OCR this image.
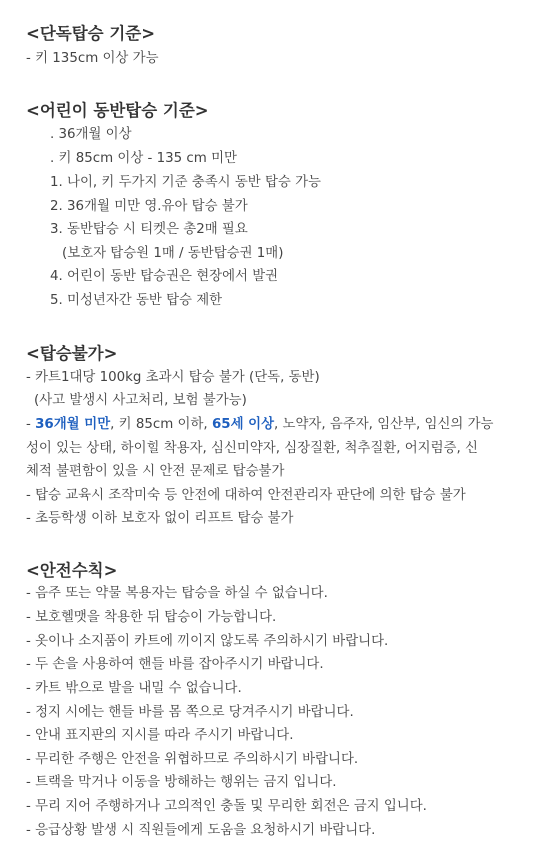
<단독탑승 기준>
- 키 135cm 이상 가능
<어린이 동반탑승 기준>
. 36개월 이상
. 키 85cm 이상 - 135 cm 미만
1. 나이, 키 두가지 기준 충족시 동반 탑승 가능
2. 36개월 미만 영.유아 탑승 불가
3. 동반탑승 시 티켓은 총2매 필요
(보호자 탑승원 1매 / 동반탑승권 1매)
4. 어린이 동반 탑승권은 현장에서 발권
5. 미성년자간 동반 탑승 제한
<탑승불가>
- 카트1대당 100kg 초과시 탑승 불가 (단독, 동반)
(사고 발생시 사고처리, 보험 불가능)
- 36개월 미만, 키 85cm 이하, 65세 이상, 노약자, 음주자, 임산부, 임신의 가능
성이 있는 상태, 하이힐 착용자, 심신미약자, 심장질환, 척추질환, 어지럼증, 신
체적 불편함이 있을 시 안전 문제로 탑승불가
- 탑승 교육시 조작미숙 등 안전에 대하여 안전관리자 판단에 의한 탑승 불가
- 초등학생 이하 보호자 없이 리프트 탑승 불가
<안전수칙>
- 음주 또는 약물 복용자는 탑승을 하실 수 없습니다.
- 보호헬맷을 착용한 뒤 탑승이 가능합니다.
- 옷이나 소지품이 카트에 끼이지 않도록 주의하시기 바랍니다.
- 두 손을 사용하여 핸들 바를 잡아주시기 바랍니다.
- 카트 밖으로 발을 내밀 수 없습니다.
- 정지 시에는 핸들 바를 몸 쪽으로 당겨주시기 바랍니다.
- 안내 표지판의 지시를 따라 주시기 바랍니다.
- 무리한 주행은 안전을 위협하므로 주의하시기 바랍니다.
- 트랙을 막거나 이동을 방해하는 행위는 금지 입니다.
- 무리 지어 주행하거나 고의적인 충돌 및 무리한 회전은 금지 입니다.
- 응급상황 발생 시 직원들에게 도움을 요청하시기 바랍니다.
